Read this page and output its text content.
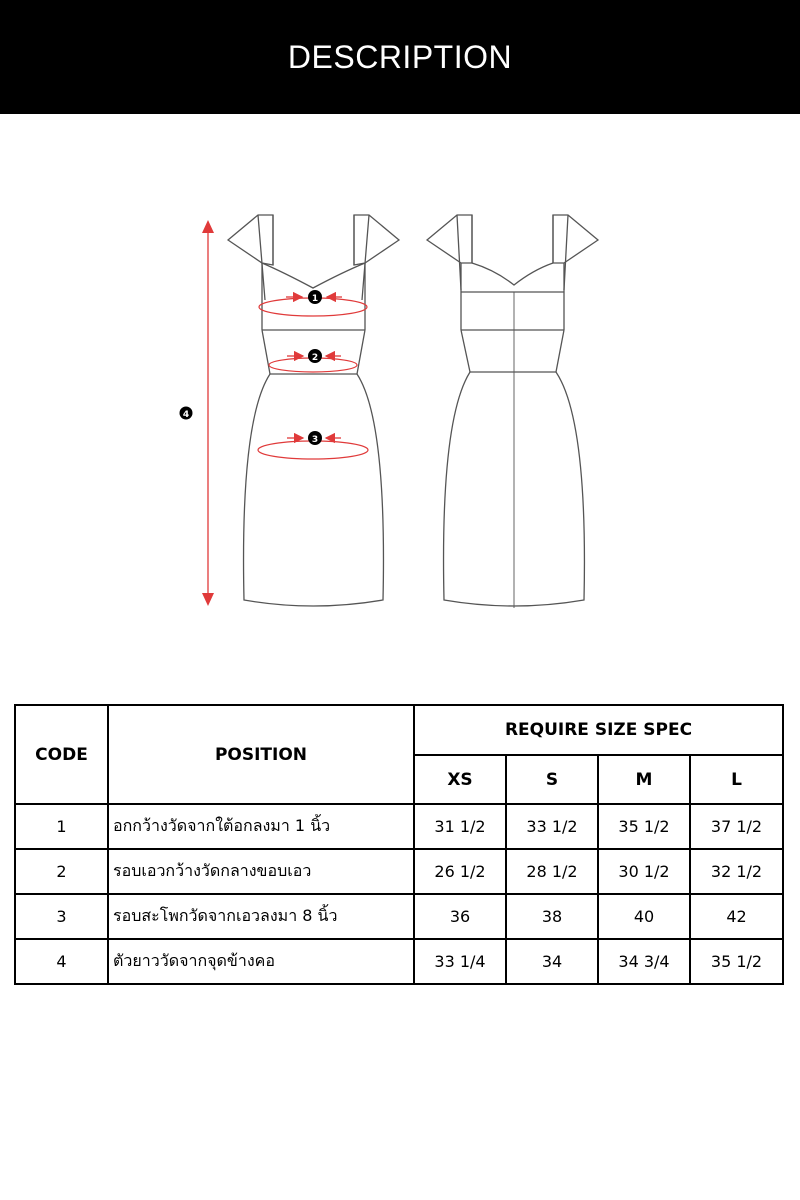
DESCRIPTION
1
2
3
4
CODE	POSITION	REQUIRE SIZE SPEC			
		XS	S	M	L
1	อกกว้างวัดจากใต้อกลงมา 1 นิ้ว	31 1/2	33 1/2	35 1/2	37 1/2
2	รอบเอวกว้างวัดกลางขอบเอว	26 1/2	28 1/2	30 1/2	32 1/2
3	รอบสะโพกวัดจากเอวลงมา 8 นิ้ว	36	38	40	42
4	ตัวยาววัดจากจุดข้างคอ	33 1/4	34	34 3/4	35 1/2
